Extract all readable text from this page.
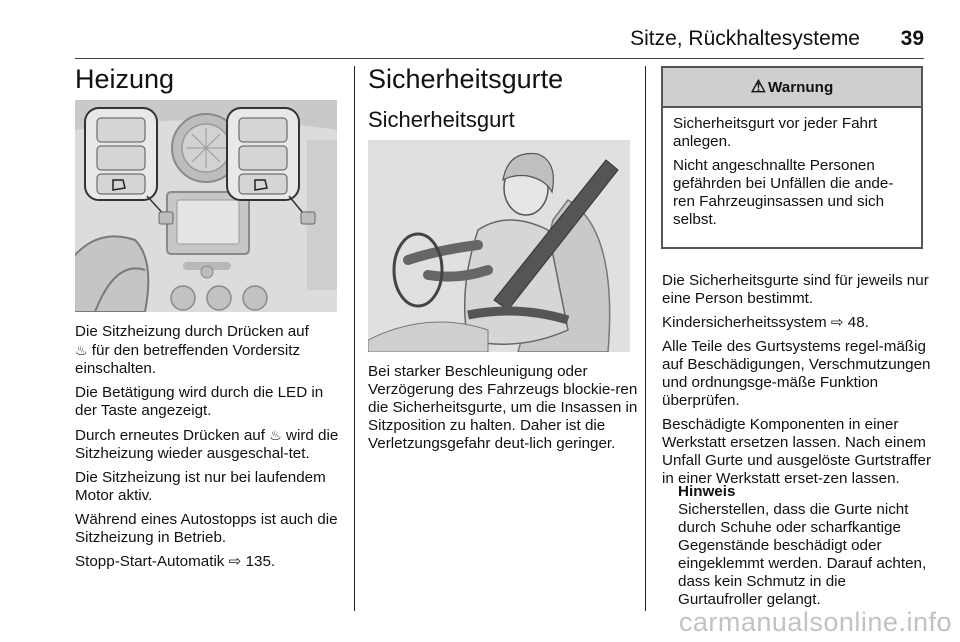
Sitze, Rückhaltesysteme 39
Heizung

Die Sitzheizung durch Drücken auf
♨ für den betreffenden Vordersitz einschalten.

Die Betätigung wird durch die LED in der Taste angezeigt.

Durch erneutes Drücken auf ♨ wird die Sitzheizung wieder ausgeschal-tet.

Die Sitzheizung ist nur bei laufendem Motor aktiv.

Während eines Autostopps ist auch die Sitzheizung in Betrieb.

Stopp-Start-Automatik ⇨ 135.

Sicherheitsgurte
Sicherheitsgurt

Bei starker Beschleunigung oder Verzögerung des Fahrzeugs blockie-ren die Sicherheitsgurte, um die Insassen in Sitzposition zu halten. Daher ist die Verletzungsgefahr deut-lich geringer.

⚠ Warnung

Sicherheitsgurt vor jeder Fahrt anlegen.

Nicht angeschnallte Personen gefährden bei Unfällen die ande-ren Fahrzeuginsassen und sich selbst.

Die Sicherheitsgurte sind für jeweils nur eine Person bestimmt.

Kindersicherheitssystem ⇨ 48.

Alle Teile des Gurtsystems regel-mäßig auf Beschädigungen, Verschmutzungen und ordnungsge-mäße Funktion überprüfen.

Beschädigte Komponenten in einer Werkstatt ersetzen lassen. Nach einem Unfall Gurte und ausgelöste Gurtstraffer in einer Werkstatt erset-zen lassen.

Hinweis
Sicherstellen, dass die Gurte nicht durch Schuhe oder scharfkantige Gegenstände beschädigt oder eingeklemmt werden. Darauf achten, dass kein Schmutz in die Gurtaufroller gelangt.
carmanualsonline.info
